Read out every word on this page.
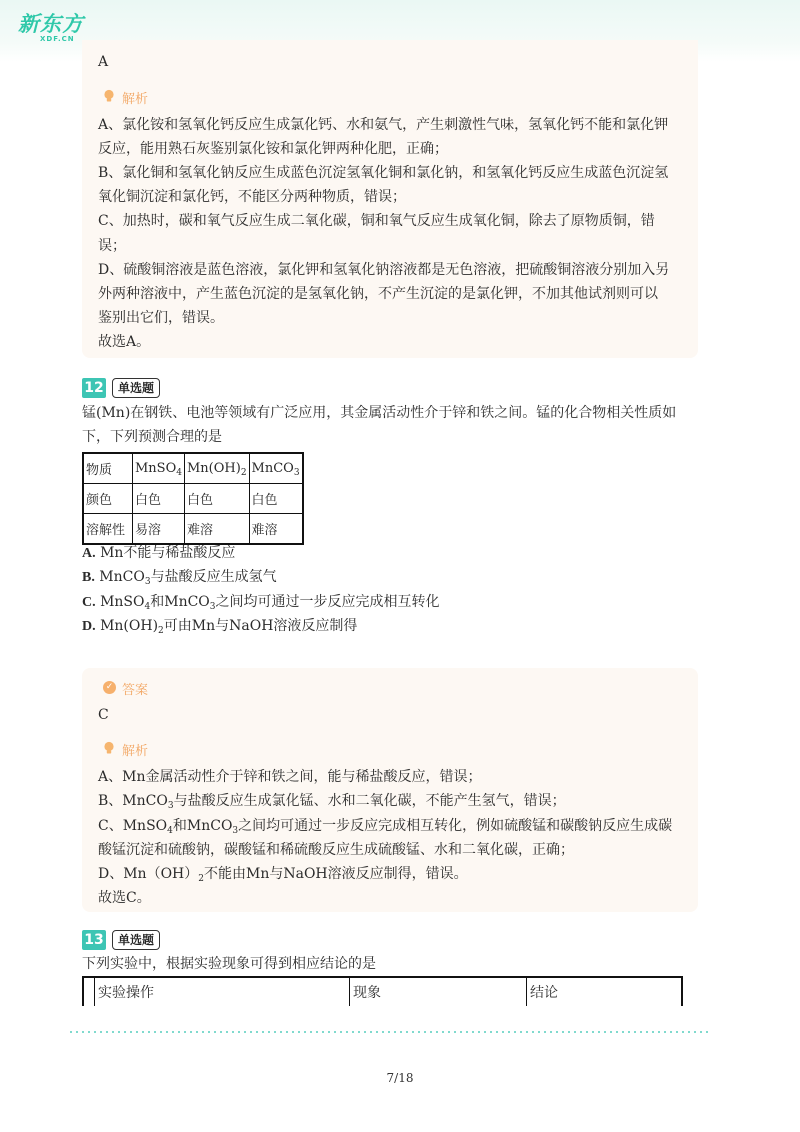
新东方
XDF.CN
A
解析
A、氯化铵和氢氧化钙反应生成氯化钙、水和氨气，产生刺激性气味，氢氧化钙不能和氯化钾
反应，能用熟石灰鉴别氯化铵和氯化钾两种化肥，正确；
B、氯化铜和氢氧化钠反应生成蓝色沉淀氢氧化铜和氯化钠，和氢氧化钙反应生成蓝色沉淀氢
氧化铜沉淀和氯化钙，不能区分两种物质，错误；
C、加热时，碳和氧气反应生成二氧化碳，铜和氧气反应生成氧化铜，除去了原物质铜，错
误；
D、硫酸铜溶液是蓝色溶液，氯化钾和氢氧化钠溶液都是无色溶液，把硫酸铜溶液分别加入另
外两种溶液中，产生蓝色沉淀的是氢氧化钠，不产生沉淀的是氯化钾，不加其他试剂则可以
鉴别出它们，错误。
故选A。
12	单选题
锰(Mn)在钢铁、电池等领域有广泛应用，其金属活动性介于锌和铁之间。锰的化合物相关性质如
下，下列预测合理的是
物质	MnSO$_4$	$Mn(OH)_2$	MnCO$_3$
颜色	白色	白色	白色
溶解性	易溶	难溶	难溶
A. Mn不能与稀盐酸反应
B. MnCO$_3$与盐酸反应生成氢气
C. MnSO$_4$和MnCO$_3$之间均可通过一步反应完成相互转化
D. $Mn(OH)_2$可由Mn与NaOH溶液反应制得
✓ 答案
C
解析
A、Mn金属活动性介于锌和铁之间，能与稀盐酸反应，错误；
B、MnCO$_3$与盐酸反应生成氯化锰、水和二氧化碳，不能产生氢气，错误；
C、MnSO$_4$和MnCO$_3$之间均可通过一步反应完成相互转化，例如硫酸锰和碳酸钠反应生成碳
酸锰沉淀和硫酸钠，碳酸锰和稀硫酸反应生成硫酸锰、水和二氧化碳，正确；
D、$Mn(OH)_2$不能由Mn与NaOH溶液反应制得，错误。
故选C。
13	单选题
下列实验中，根据实验现象可得到相应结论的是
	实验操作	现象	结论
7/18
